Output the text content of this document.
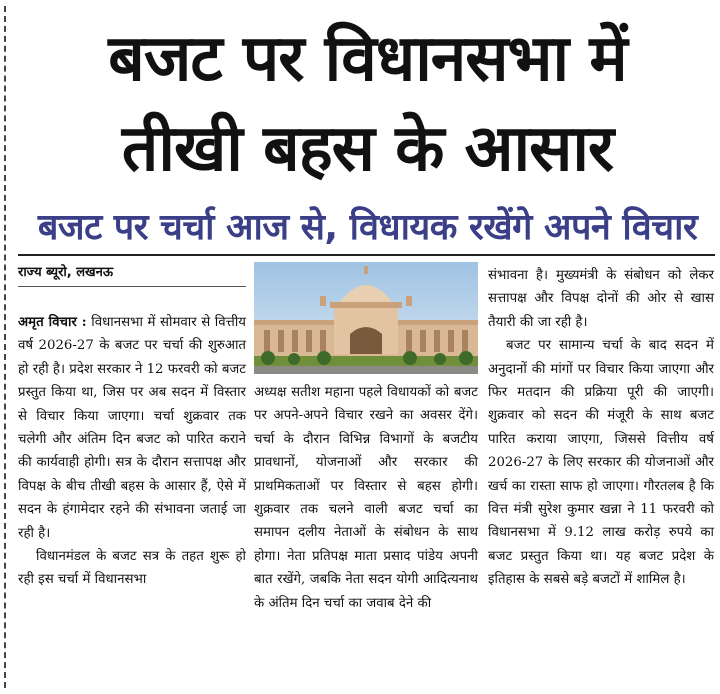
बजट पर विधानसभा में
तीखी बहस के आसार
बजट पर चर्चा आज से, विधायक रखेंगे अपने विचार
राज्य ब्यूरो, लखनऊ

अमृत विचार : विधानसभा में सोमवार से वित्तीय वर्ष 2026-27 के बजट पर चर्चा की शुरुआत हो रही है। प्रदेश सरकार ने 12 फरवरी को बजट प्रस्तुत किया था, जिस पर अब सदन में विस्तार से विचार किया जाएगा। चर्चा शुक्रवार तक चलेगी और अंतिम दिन बजट को पारित कराने की कार्यवाही होगी। सत्र के दौरान सत्तापक्ष और विपक्ष के बीच तीखी बहस के आसार हैं, ऐसे में सदन के हंगामेदार रहने की संभावना जताई जा रही है।

विधानमंडल के बजट सत्र के तहत शुरू हो रही इस चर्चा में विधानसभा

अध्यक्ष सतीश महाना पहले विधायकों को बजट पर अपने-अपने विचार रखने का अवसर देंगे। चर्चा के दौरान विभिन्न विभागों के बजटीय प्रावधानों, योजनाओं और सरकार की प्राथमिकताओं पर विस्तार से बहस होगी। शुक्रवार तक चलने वाली बजट चर्चा का समापन दलीय नेताओं के संबोधन के साथ होगा। नेता प्रतिपक्ष माता प्रसाद पांडेय अपनी बात रखेंगे, जबकि नेता सदन योगी आदित्यनाथ के अंतिम दिन चर्चा का जवाब देने की

संभावना है। मुख्यमंत्री के संबोधन को लेकर सत्तापक्ष और विपक्ष दोनों की ओर से खास तैयारी की जा रही है।

बजट पर सामान्य चर्चा के बाद सदन में अनुदानों की मांगों पर विचार किया जाएगा और फिर मतदान की प्रक्रिया पूरी की जाएगी। शुक्रवार को सदन की मंजूरी के साथ बजट पारित कराया जाएगा, जिससे वित्तीय वर्ष 2026-27 के लिए सरकार की योजनाओं और खर्च का रास्ता साफ हो जाएगा। गौरतलब है कि वित्त मंत्री सुरेश कुमार खन्ना ने 11 फरवरी को विधानसभा में 9.12 लाख करोड़ रुपये का बजट प्रस्तुत किया था। यह बजट प्रदेश के इतिहास के सबसे बड़े बजटों में शामिल है।
